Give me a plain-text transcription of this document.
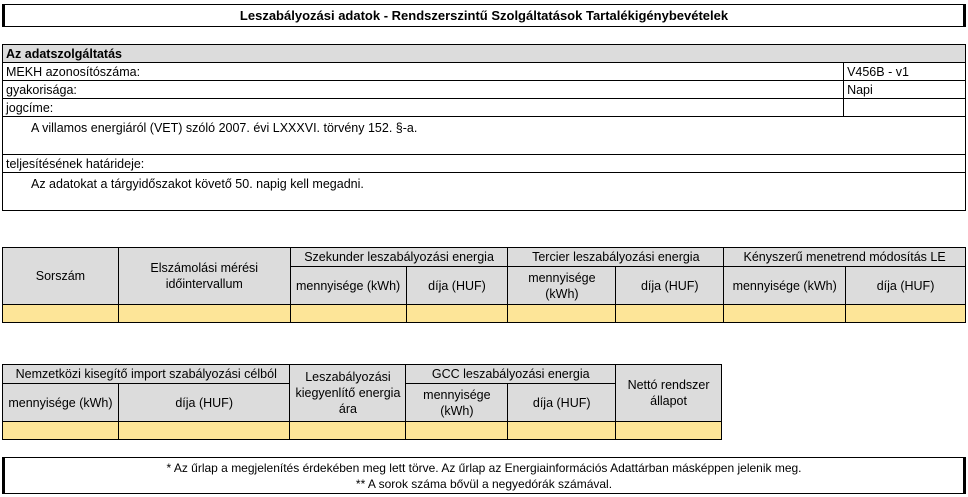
Leszabályozási adatok - Rendszerszintű Szolgáltatások Tartalékigénybevételek
Az adatszolgáltatás	
MEKH azonosítószáma:	V456B - v1
gyakorisága:	Napi
jogcíme:	
A villamos energiáról (VET) szóló 2007. évi LXXXVI. törvény 152. §-a.	
teljesítésének határideje:	
Az adatokat a tárgyidőszakot követő 50. napig kell megadni.	
Sorszám	Elszámolási mérési időintervallum	Szekunder leszabályozási energia		Tercier leszabályozási energia		Kényszerű menetrend módosítás LE	
		mennyisége (kWh)	díja (HUF)	mennyisége (kWh)	díja (HUF)	mennyisége (kWh)	díja (HUF)

Nemzetközi kisegítő import szabályozási célból		Leszabályozási kiegyenlítő energia ára	GCC leszabályozási energia		Nettó rendszer állapot
mennyisége (kWh)	díja (HUF)		mennyisége (kWh)	díja (HUF)	

* Az űrlap a megjelenítés érdekében meg lett törve. Az űrlap az Energiainformációs Adattárban másképpen jelenik meg.
** A sorok száma bővül a negyedórák számával.
